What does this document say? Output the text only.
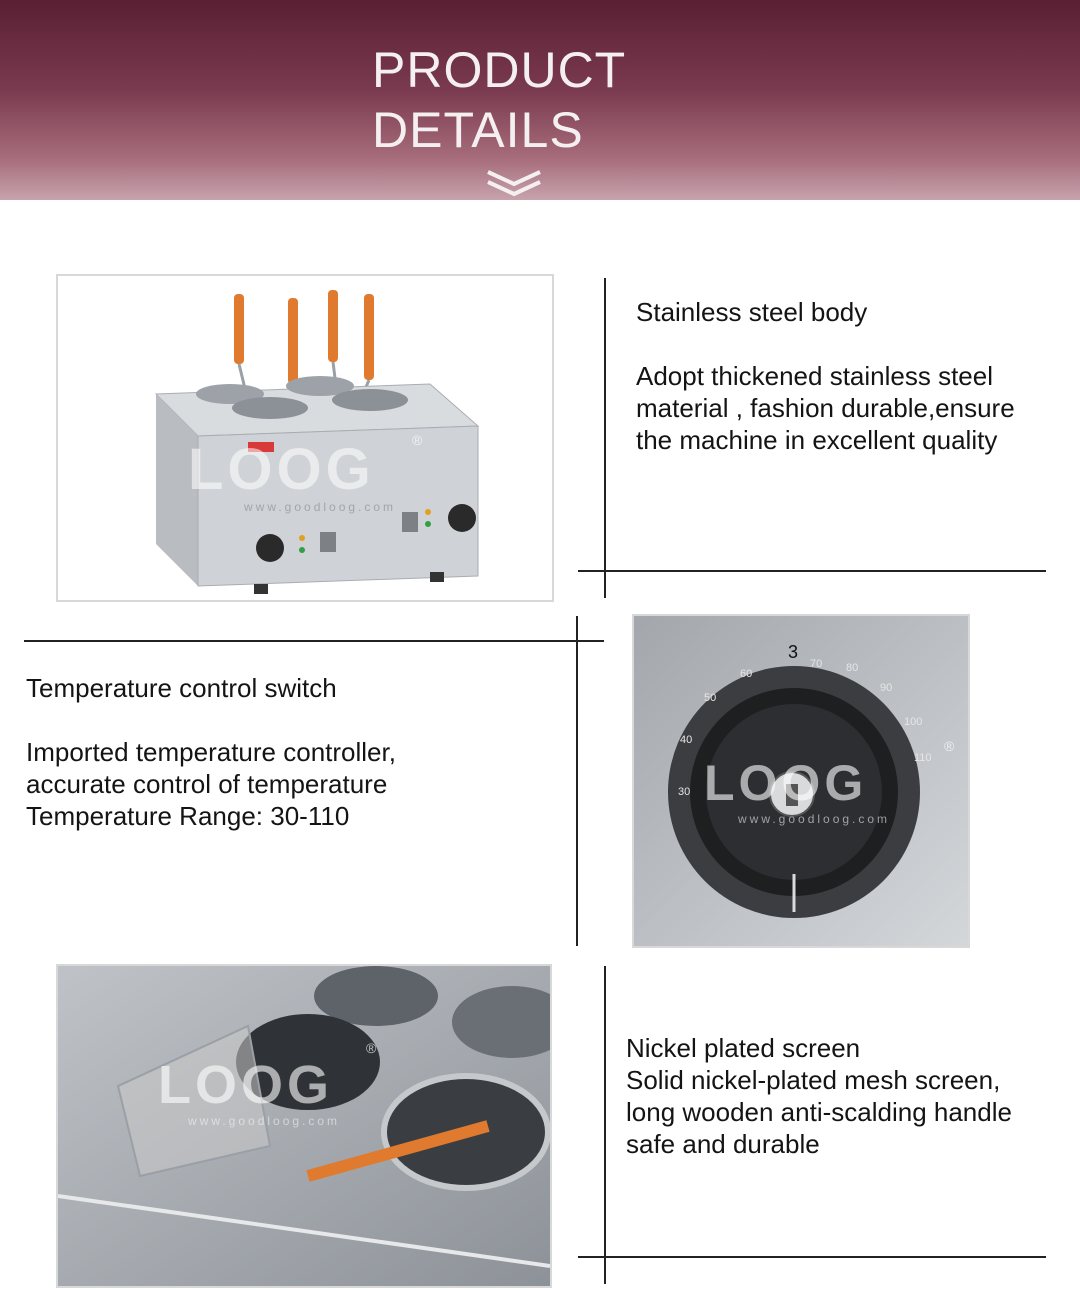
PRODUCT
DETAILS
LOOG	®
www.goodloog.com

Stainless steel body

Adopt thickened stainless steel
material , fashion durable,ensure
the machine in excellent quality

Temperature control switch

Imported temperature controller,
accurate control of temperature
Temperature Range: 30-110

3
30
40
50
60
70 80
90
100
110
LOOG
®
www.goodloog.com
LOOG
®
www.goodloog.com

Nickel plated screen

Solid nickel-plated mesh screen,
long wooden anti-scalding handle
safe and durable
